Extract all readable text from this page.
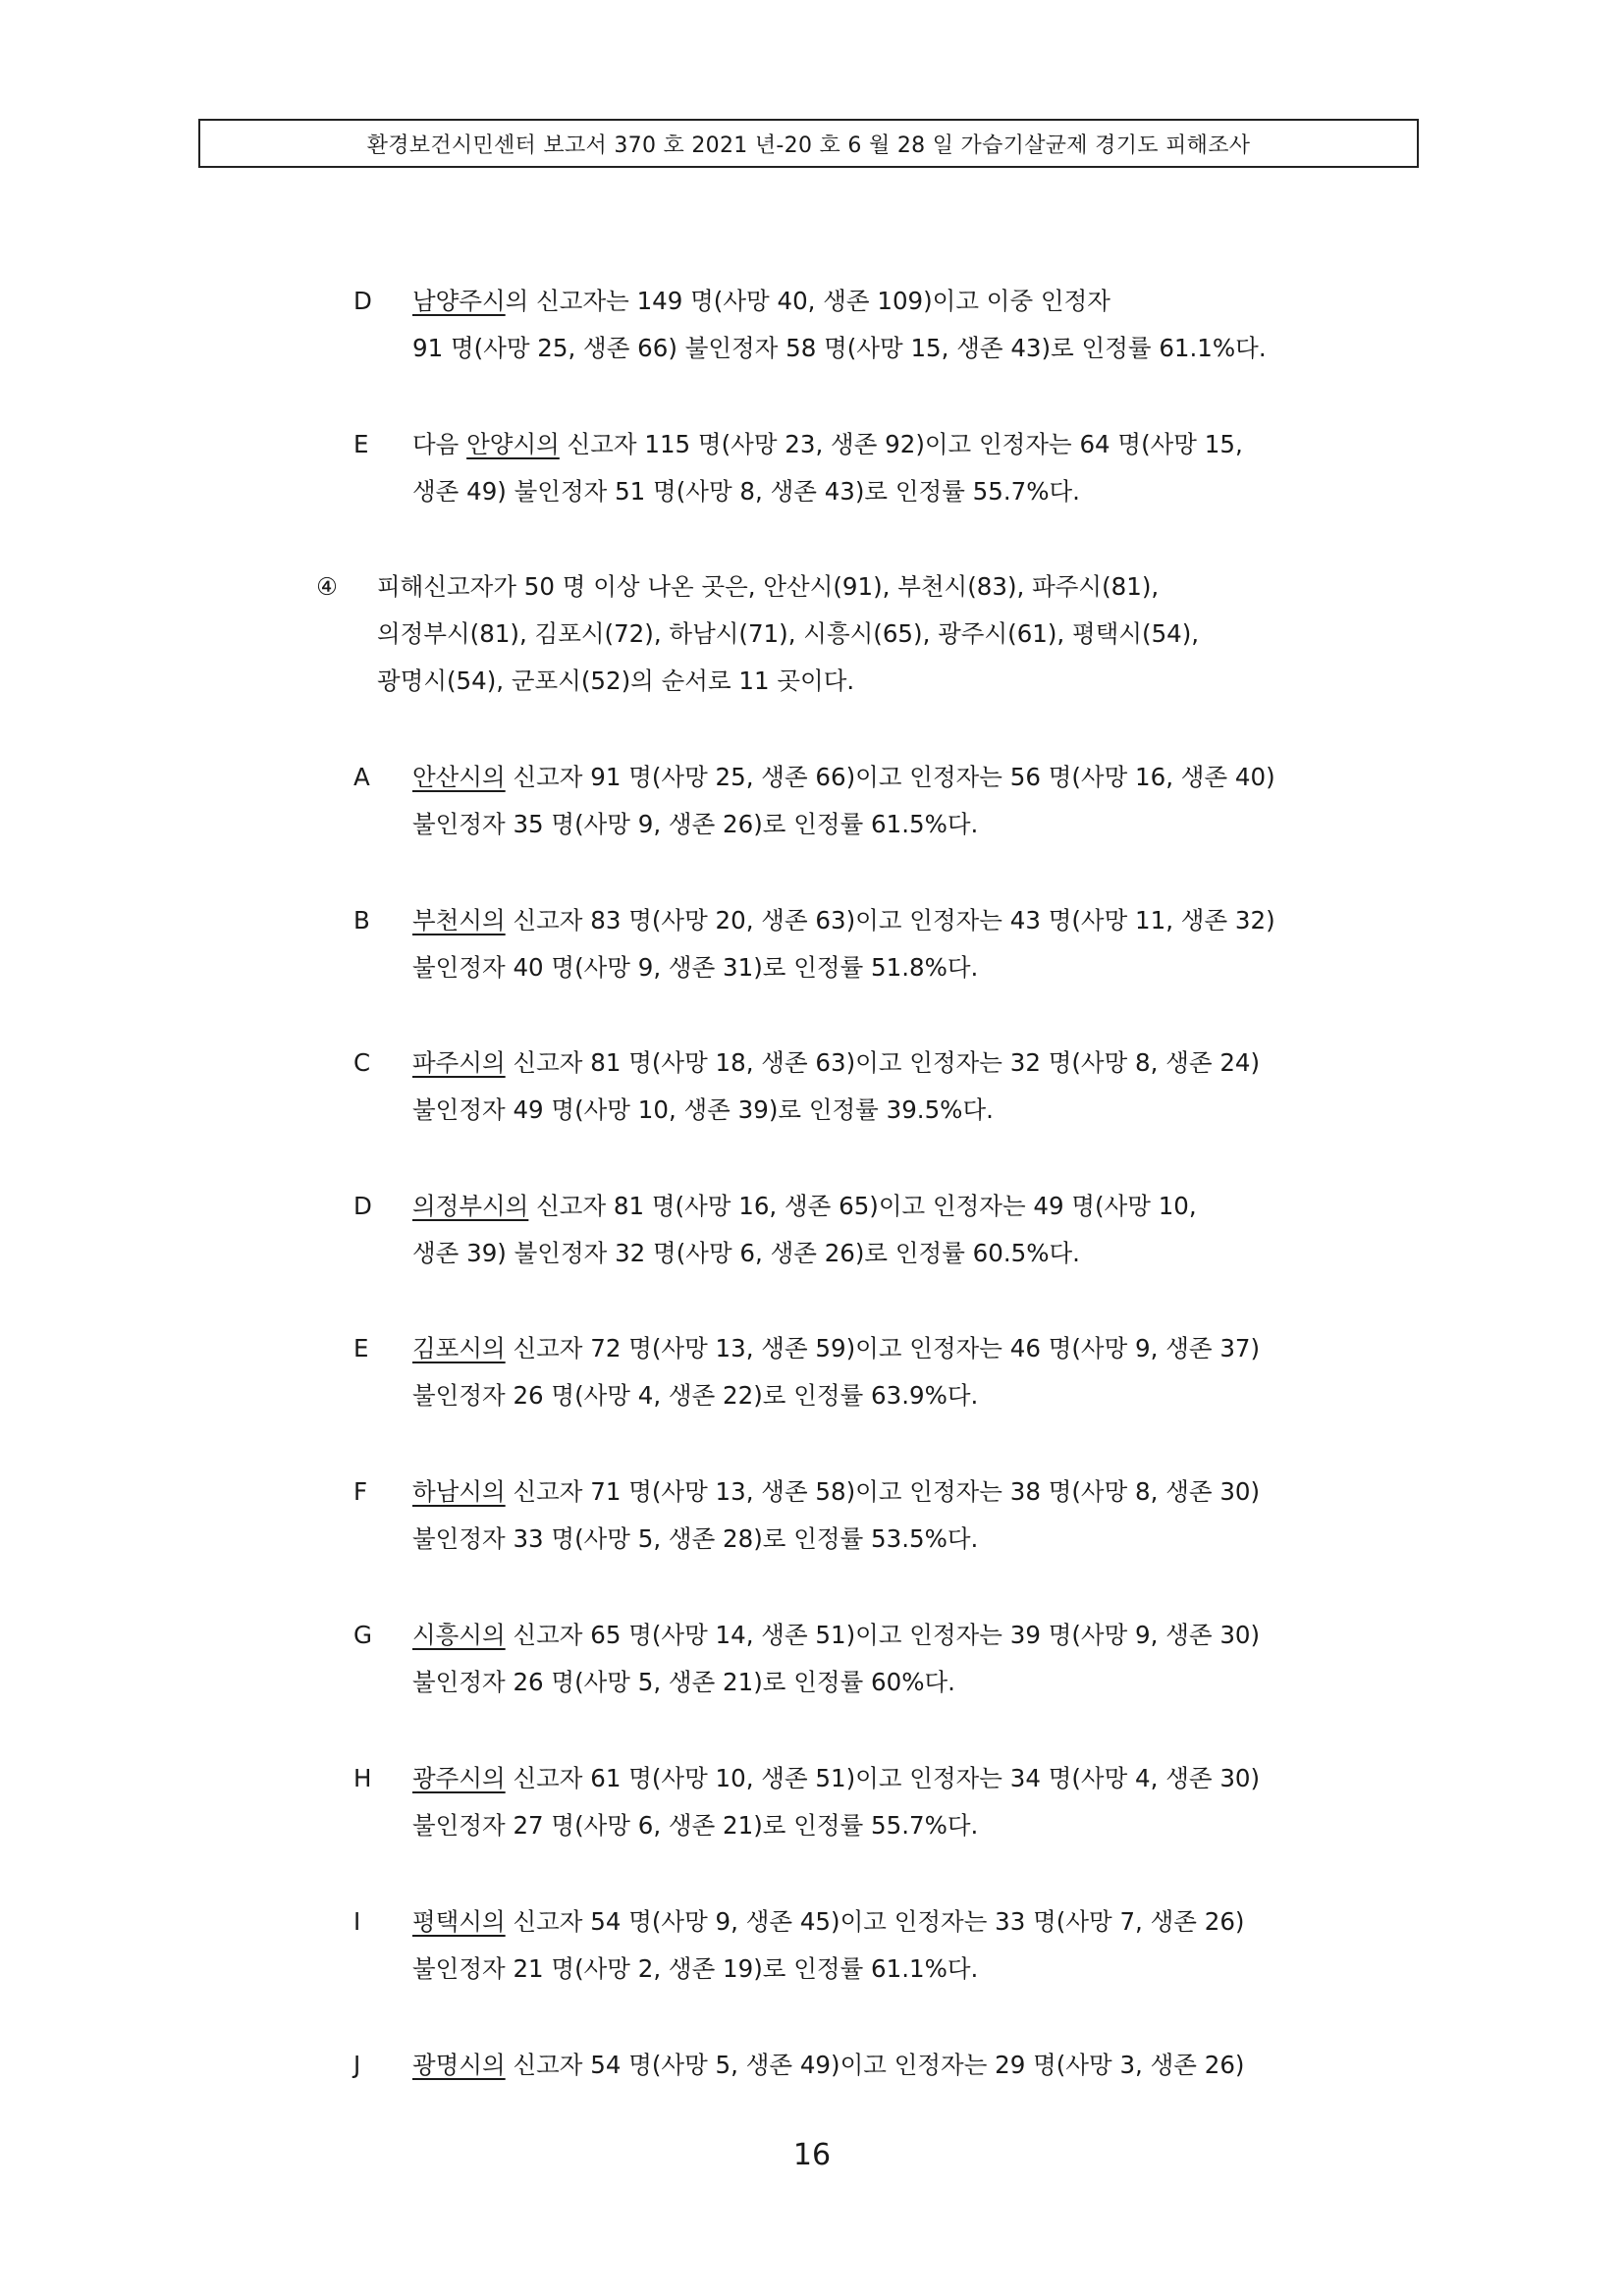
환경보건시민센터 보고서 370 호 2021 년-20 호 6 월 28 일 가습기살균제 경기도 피해조사
D	남양주시의 신고자는 149 명(사망 40, 생존 109)이고 이중 인정자
91 명(사망 25, 생존 66) 불인정자 58 명(사망 15, 생존 43)로 인정률 61.1%다.
E	다음 안양시의 신고자 115 명(사망 23, 생존 92)이고 인정자는 64 명(사망 15,
생존 49) 불인정자 51 명(사망 8, 생존 43)로 인정률 55.7%다.
④	피해신고자가 50 명 이상 나온 곳은, 안산시(91), 부천시(83), 파주시(81),
의정부시(81), 김포시(72), 하남시(71), 시흥시(65), 광주시(61), 평택시(54),
광명시(54), 군포시(52)의 순서로 11 곳이다.
A	안산시의 신고자 91 명(사망 25, 생존 66)이고 인정자는 56 명(사망 16, 생존 40)
불인정자 35 명(사망 9, 생존 26)로 인정률 61.5%다.
B	부천시의 신고자 83 명(사망 20, 생존 63)이고 인정자는 43 명(사망 11, 생존 32)
불인정자 40 명(사망 9, 생존 31)로 인정률 51.8%다.
C	파주시의 신고자 81 명(사망 18, 생존 63)이고 인정자는 32 명(사망 8, 생존 24)
불인정자 49 명(사망 10, 생존 39)로 인정률 39.5%다.
D	의정부시의 신고자 81 명(사망 16, 생존 65)이고 인정자는 49 명(사망 10,
생존 39) 불인정자 32 명(사망 6, 생존 26)로 인정률 60.5%다.
E	김포시의 신고자 72 명(사망 13, 생존 59)이고 인정자는 46 명(사망 9, 생존 37)
불인정자 26 명(사망 4, 생존 22)로 인정률 63.9%다.
F	하남시의 신고자 71 명(사망 13, 생존 58)이고 인정자는 38 명(사망 8, 생존 30)
불인정자 33 명(사망 5, 생존 28)로 인정률 53.5%다.
G	시흥시의 신고자 65 명(사망 14, 생존 51)이고 인정자는 39 명(사망 9, 생존 30)
불인정자 26 명(사망 5, 생존 21)로 인정률 60%다.
H	광주시의 신고자 61 명(사망 10, 생존 51)이고 인정자는 34 명(사망 4, 생존 30)
불인정자 27 명(사망 6, 생존 21)로 인정률 55.7%다.
I	평택시의 신고자 54 명(사망 9, 생존 45)이고 인정자는 33 명(사망 7, 생존 26)
불인정자 21 명(사망 2, 생존 19)로 인정률 61.1%다.
J	광명시의 신고자 54 명(사망 5, 생존 49)이고 인정자는 29 명(사망 3, 생존 26)
16
